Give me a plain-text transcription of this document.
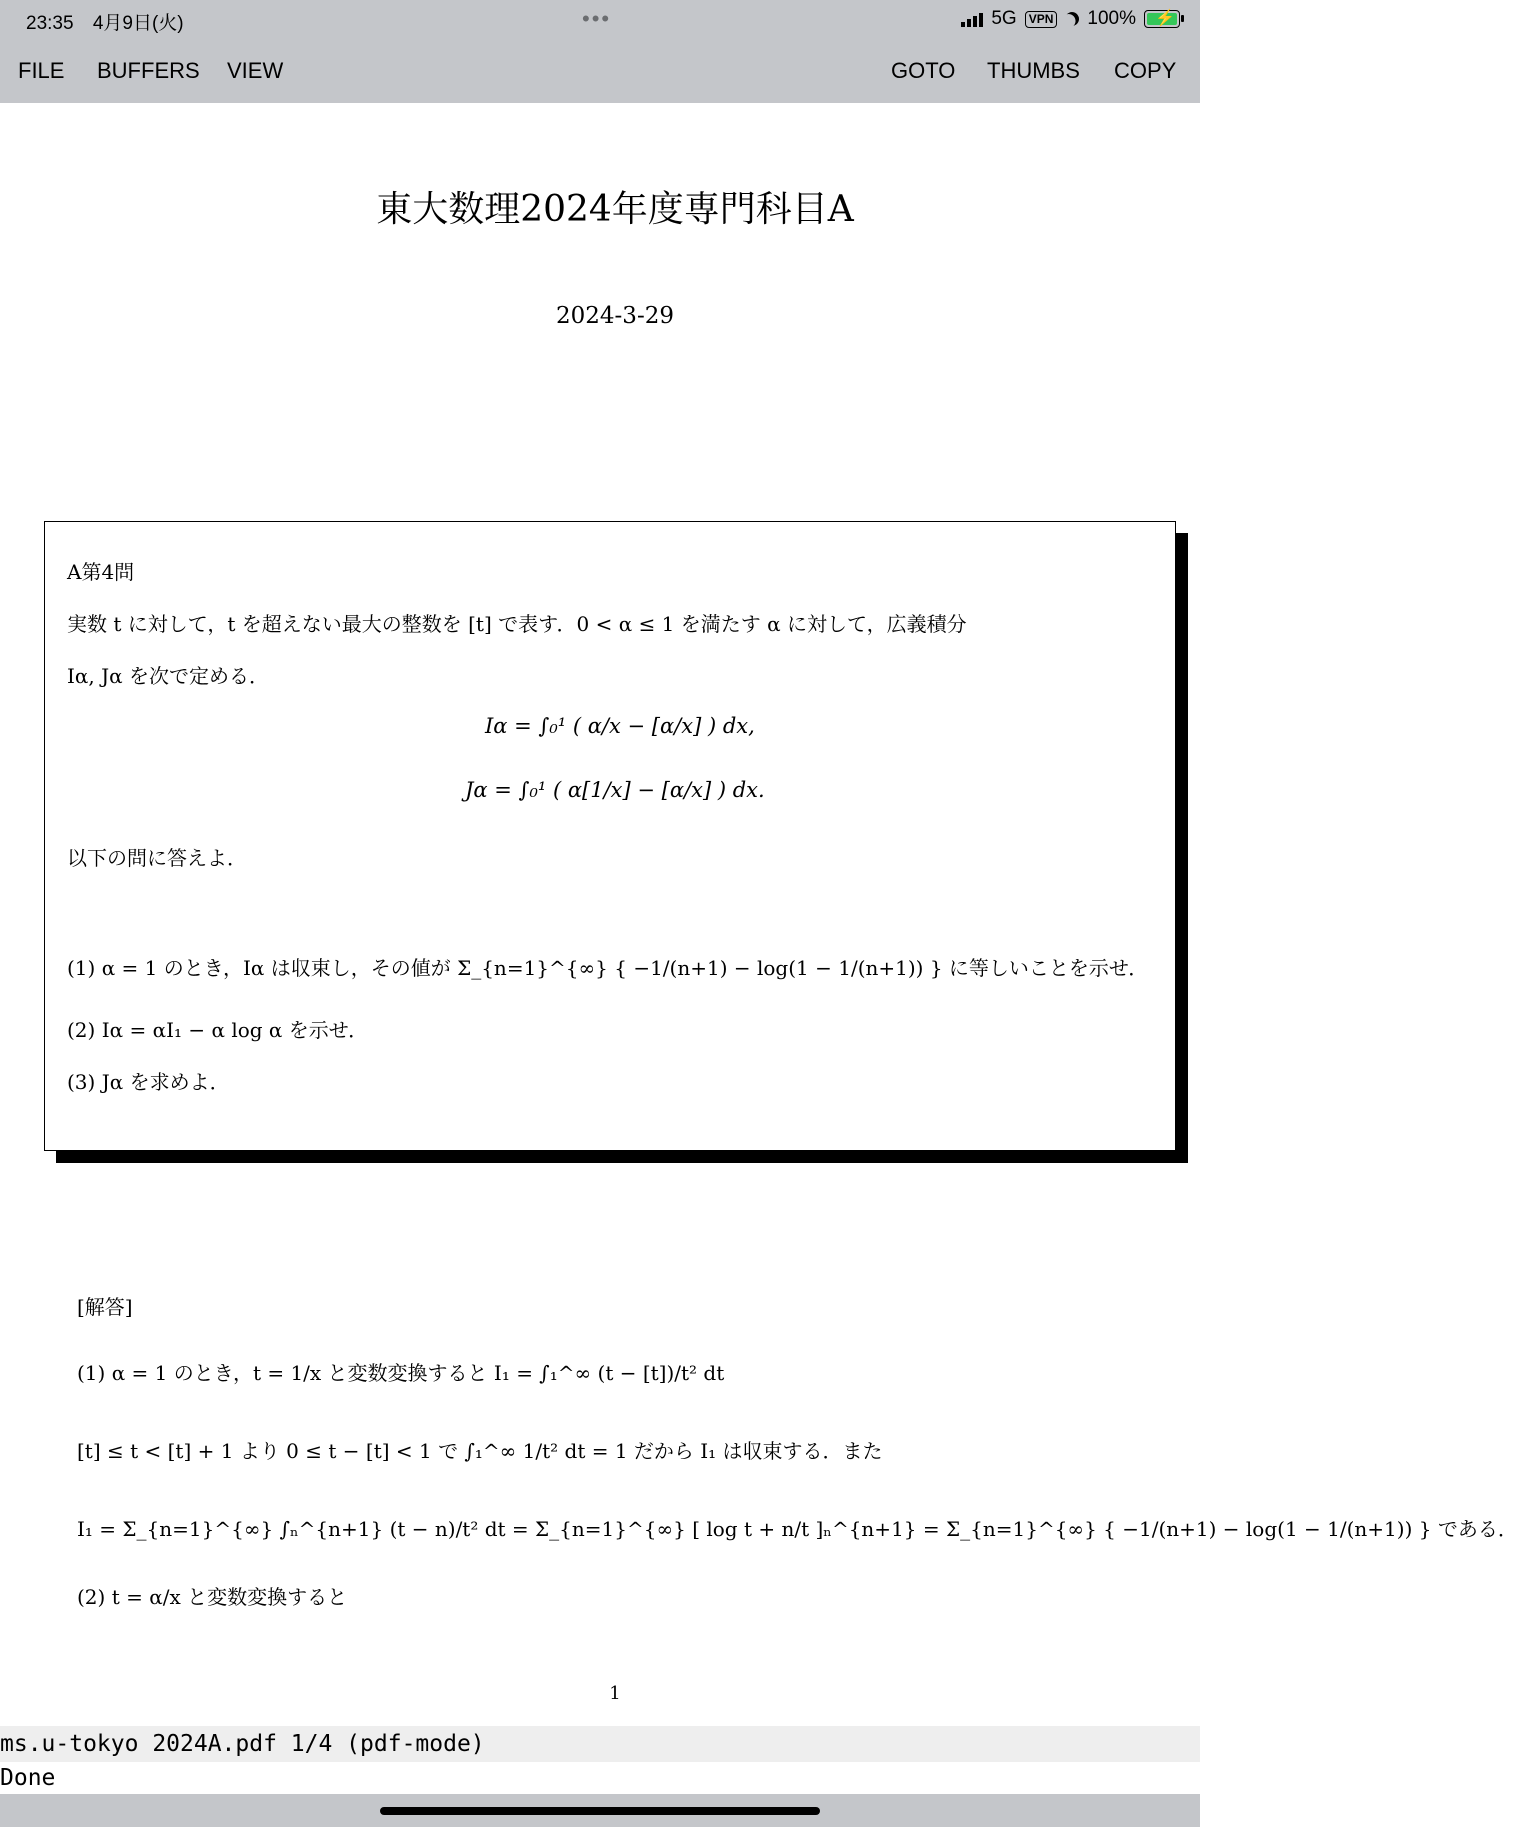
23:35 4月9日(火)	•••	5G	VPN 100% ⚡
FILE BUFFERS VIEW	GOTO THUMBS COPY
東大数理2024年度専門科目A
2024-3-29
A第4問
実数 t に対して，t を超えない最大の整数を [t] で表す．0 < α ≤ 1 を満たす α に対して，広義積分
Iα, Jα を次で定める．
Iα = ∫₀¹ ( α/x − [α/x] ) dx,
Jα = ∫₀¹ ( α[1/x] − [α/x] ) dx.
以下の問に答えよ．
(1) α = 1 のとき，Iα は収束し，その値が Σ_{n=1}^{∞} { −1/(n+1) − log(1 − 1/(n+1)) } に等しいことを示せ．
(2) Iα = αI₁ − α log α を示せ．
(3) Jα を求めよ．
[解答]
(1) α = 1 のとき，t = 1/x と変数変換すると I₁ = ∫₁^∞ (t − [t])/t² dt
[t] ≤ t < [t] + 1 より 0 ≤ t − [t] < 1 で ∫₁^∞ 1/t² dt = 1 だから I₁ は収束する．また
I₁ = Σ_{n=1}^{∞} ∫ₙ^{n+1} (t − n)/t² dt = Σ_{n=1}^{∞} [ log t + n/t ]ₙ^{n+1} = Σ_{n=1}^{∞} { −1/(n+1) − log(1 − 1/(n+1)) } である．
(2) t = α/x と変数変換すると
1
ms.u-tokyo 2024A.pdf 1/4 (pdf-mode)
Done
